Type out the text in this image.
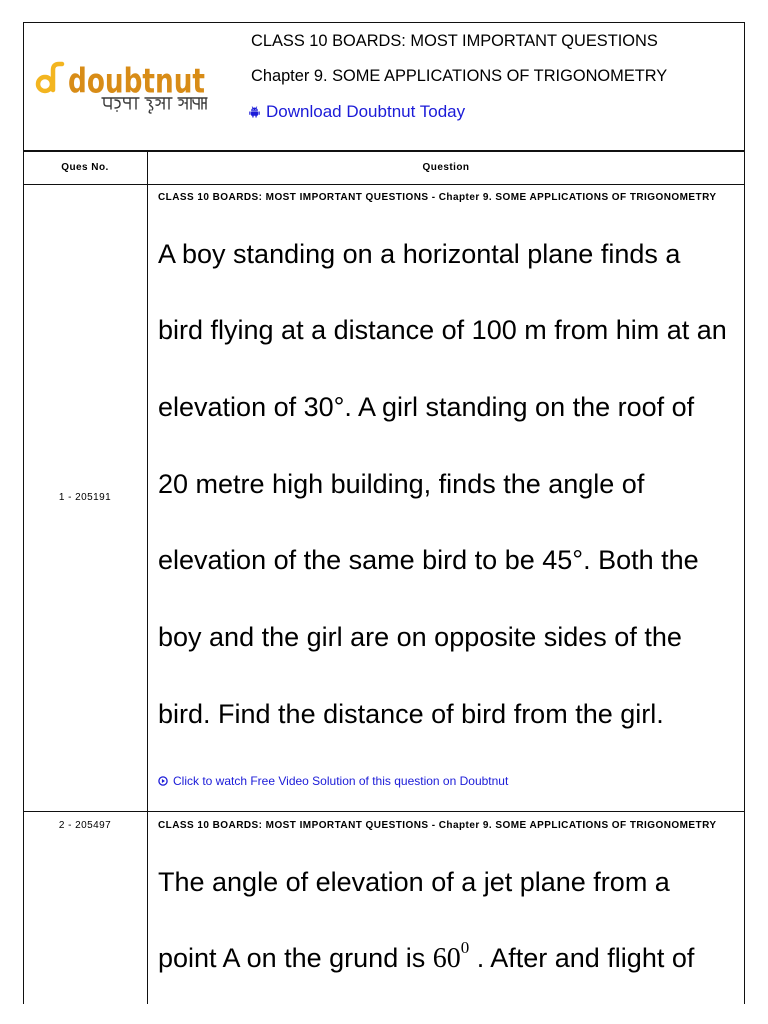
doubtnut
CLASS 10 BOARDS: MOST IMPORTANT QUESTIONS
Chapter 9. SOME APPLICATIONS OF TRIGONOMETRY
Download Doubtnut Today
Ques No.	Question
1 - 205191
CLASS 10 BOARDS: MOST IMPORTANT QUESTIONS - Chapter 9. SOME APPLICATIONS OF TRIGONOMETRY
A boy standing on a horizontal plane finds a
bird flying at a distance of 100 m from him at an
elevation of 30°. A girl standing on the roof of
20 metre high building, finds the angle of
elevation of the same bird to be 45°. Both the
boy and the girl are on opposite sides of the
bird. Find the distance of bird from the girl.
Click to watch Free Video Solution of this question on Doubtnut
2 - 205497	CLASS 10 BOARDS: MOST IMPORTANT QUESTIONS - Chapter 9. SOME APPLICATIONS OF TRIGONOMETRY
The angle of elevation of a jet plane from a
point A on the grund is $60^0$ . After and flight of
